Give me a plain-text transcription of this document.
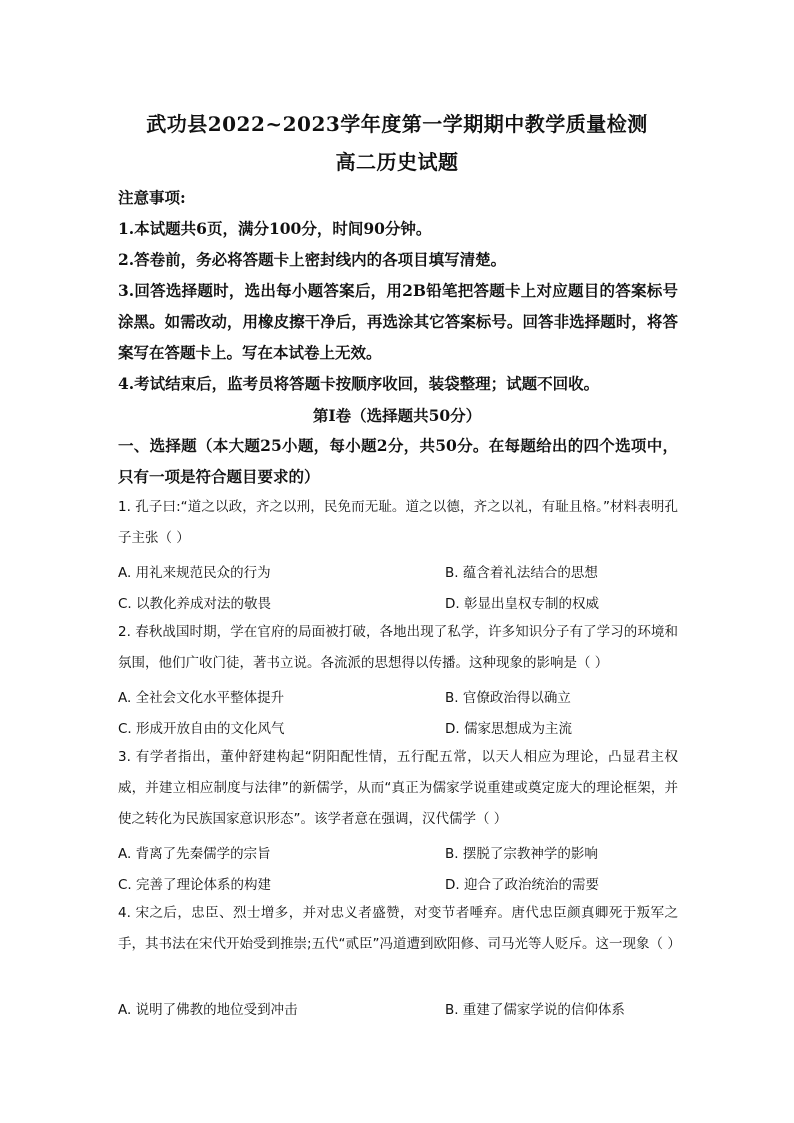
武功县2022~2023学年度第一学期期中教学质量检测
高二历史试题
注意事项:
1.本试题共6页，满分100分，时间90分钟。
2.答卷前，务必将答题卡上密封线内的各项目填写清楚。
3.回答选择题时，选出每小题答案后，用2B铅笔把答题卡上对应题目的答案标号涂黑。如需改动，用橡皮擦干净后，再选涂其它答案标号。回答非选择题时，将答案写在答题卡上。写在本试卷上无效。
4.考试结束后，监考员将答题卡按顺序收回，装袋整理；试题不回收。
第I卷（选择题共50分）
一、选择题（本大题25小题，每小题2分，共50分。在每题给出的四个选项中，只有一项是符合题目要求的）
1. 孔子曰:“道之以政，齐之以刑，民免而无耻。道之以德，齐之以礼，有耻且格。”材料表明孔子主张（ ）
A. 用礼来规范民众的行为	B. 蕴含着礼法结合的思想
C. 以教化养成对法的敬畏	D. 彰显出皇权专制的权威
2. 春秋战国时期，学在官府的局面被打破，各地出现了私学，许多知识分子有了学习的环境和氛围，他们广收门徒，著书立说。各流派的思想得以传播。这种现象的影响是（ ）
A. 全社会文化水平整体提升	B. 官僚政治得以确立
C. 形成开放自由的文化风气	D. 儒家思想成为主流
3. 有学者指出，董仲舒建构起“阴阳配性情，五行配五常，以天人相应为理论，凸显君主权威，并建立相应制度与法律”的新儒学，从而“真正为儒家学说重建或奠定庞大的理论框架，并使之转化为民族国家意识形态”。该学者意在强调，汉代儒学（ ）
A. 背离了先秦儒学的宗旨	B. 摆脱了宗教神学的影响
C. 完善了理论体系的构建	D. 迎合了政治统治的需要
4. 宋之后，忠臣、烈士增多，并对忠义者盛赞，对变节者唾弃。唐代忠臣颜真卿死于叛军之手，其书法在宋代开始受到推崇;五代“贰臣”冯道遭到欧阳修、司马光等人贬斥。这一现象（ ）
A. 说明了佛教的地位受到冲击	B. 重建了儒家学说的信仰体系
